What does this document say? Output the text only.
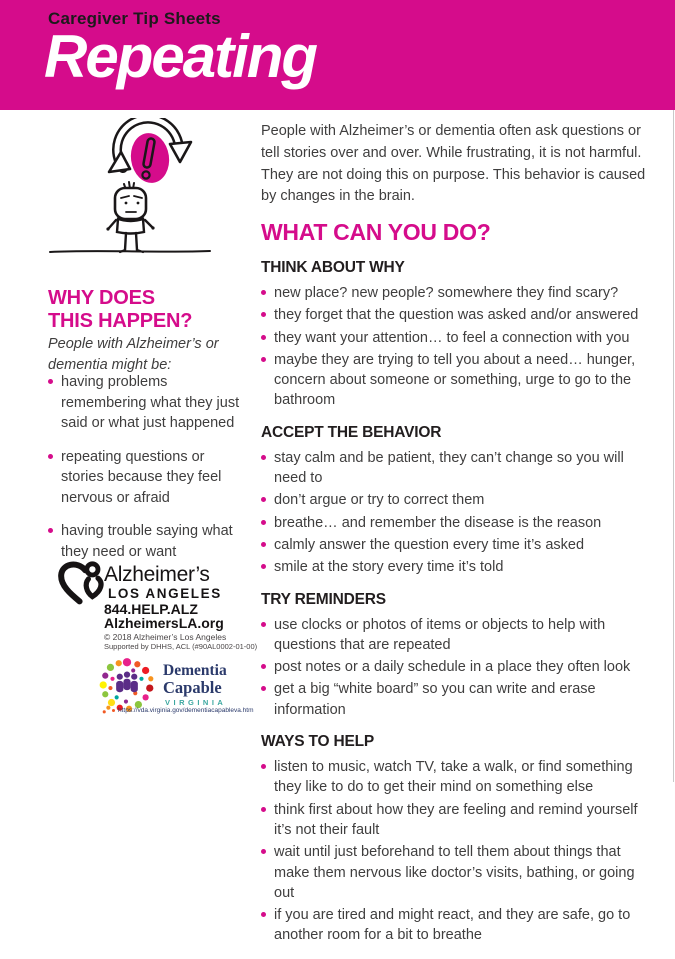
Caregiver Tip Sheets
Repeating
WHY DOES
THIS HAPPEN?
People with Alzheimer’s or dementia might be:
having problems remembering what they just said or what just happened
repeating questions or stories because they feel nervous or afraid
having trouble saying what they need or want
Alzheimer’s
LOS ANGELES
844.HELP.ALZ
AlzheimersLA.org
© 2018 Alzheimer’s Los Angeles
Supported by DHHS, ACL (#90AL0002-01-00)
Dementia
Capable
VIRGINIA
https://vda.virginia.gov/dementiacapableva.htm

People with Alzheimer’s or dementia often ask questions or tell stories over and over. While frustrating, it is not harmful. They are not doing this on purpose. This behavior is caused by changes in the brain.

WHAT CAN YOU DO?
THINK ABOUT WHY
new place? new people? somewhere they find scary?
they forget that the question was asked and/or answered
they want your attention… to feel a connection with you
maybe they are trying to tell you about a need… hunger, concern about someone or something, urge to go to the bathroom
ACCEPT THE BEHAVIOR
stay calm and be patient, they can’t change so you will need to
don’t argue or try to correct them
breathe… and remember the disease is the reason
calmly answer the question every time it’s asked
smile at the story every time it’s told
TRY REMINDERS
use clocks or photos of items or objects to help with questions that are repeated
post notes or a daily schedule in a place they often look
get a big “white board” so you can write and erase information
WAYS TO HELP
listen to music, watch TV, take a walk, or find something they like to do to get their mind on something else
think first about how they are feeling and remind yourself it’s not their fault
wait until just beforehand to tell them about things that make them nervous like doctor’s visits, bathing, or going out
if you are tired and might react, and they are safe, go to another room for a bit to breathe
